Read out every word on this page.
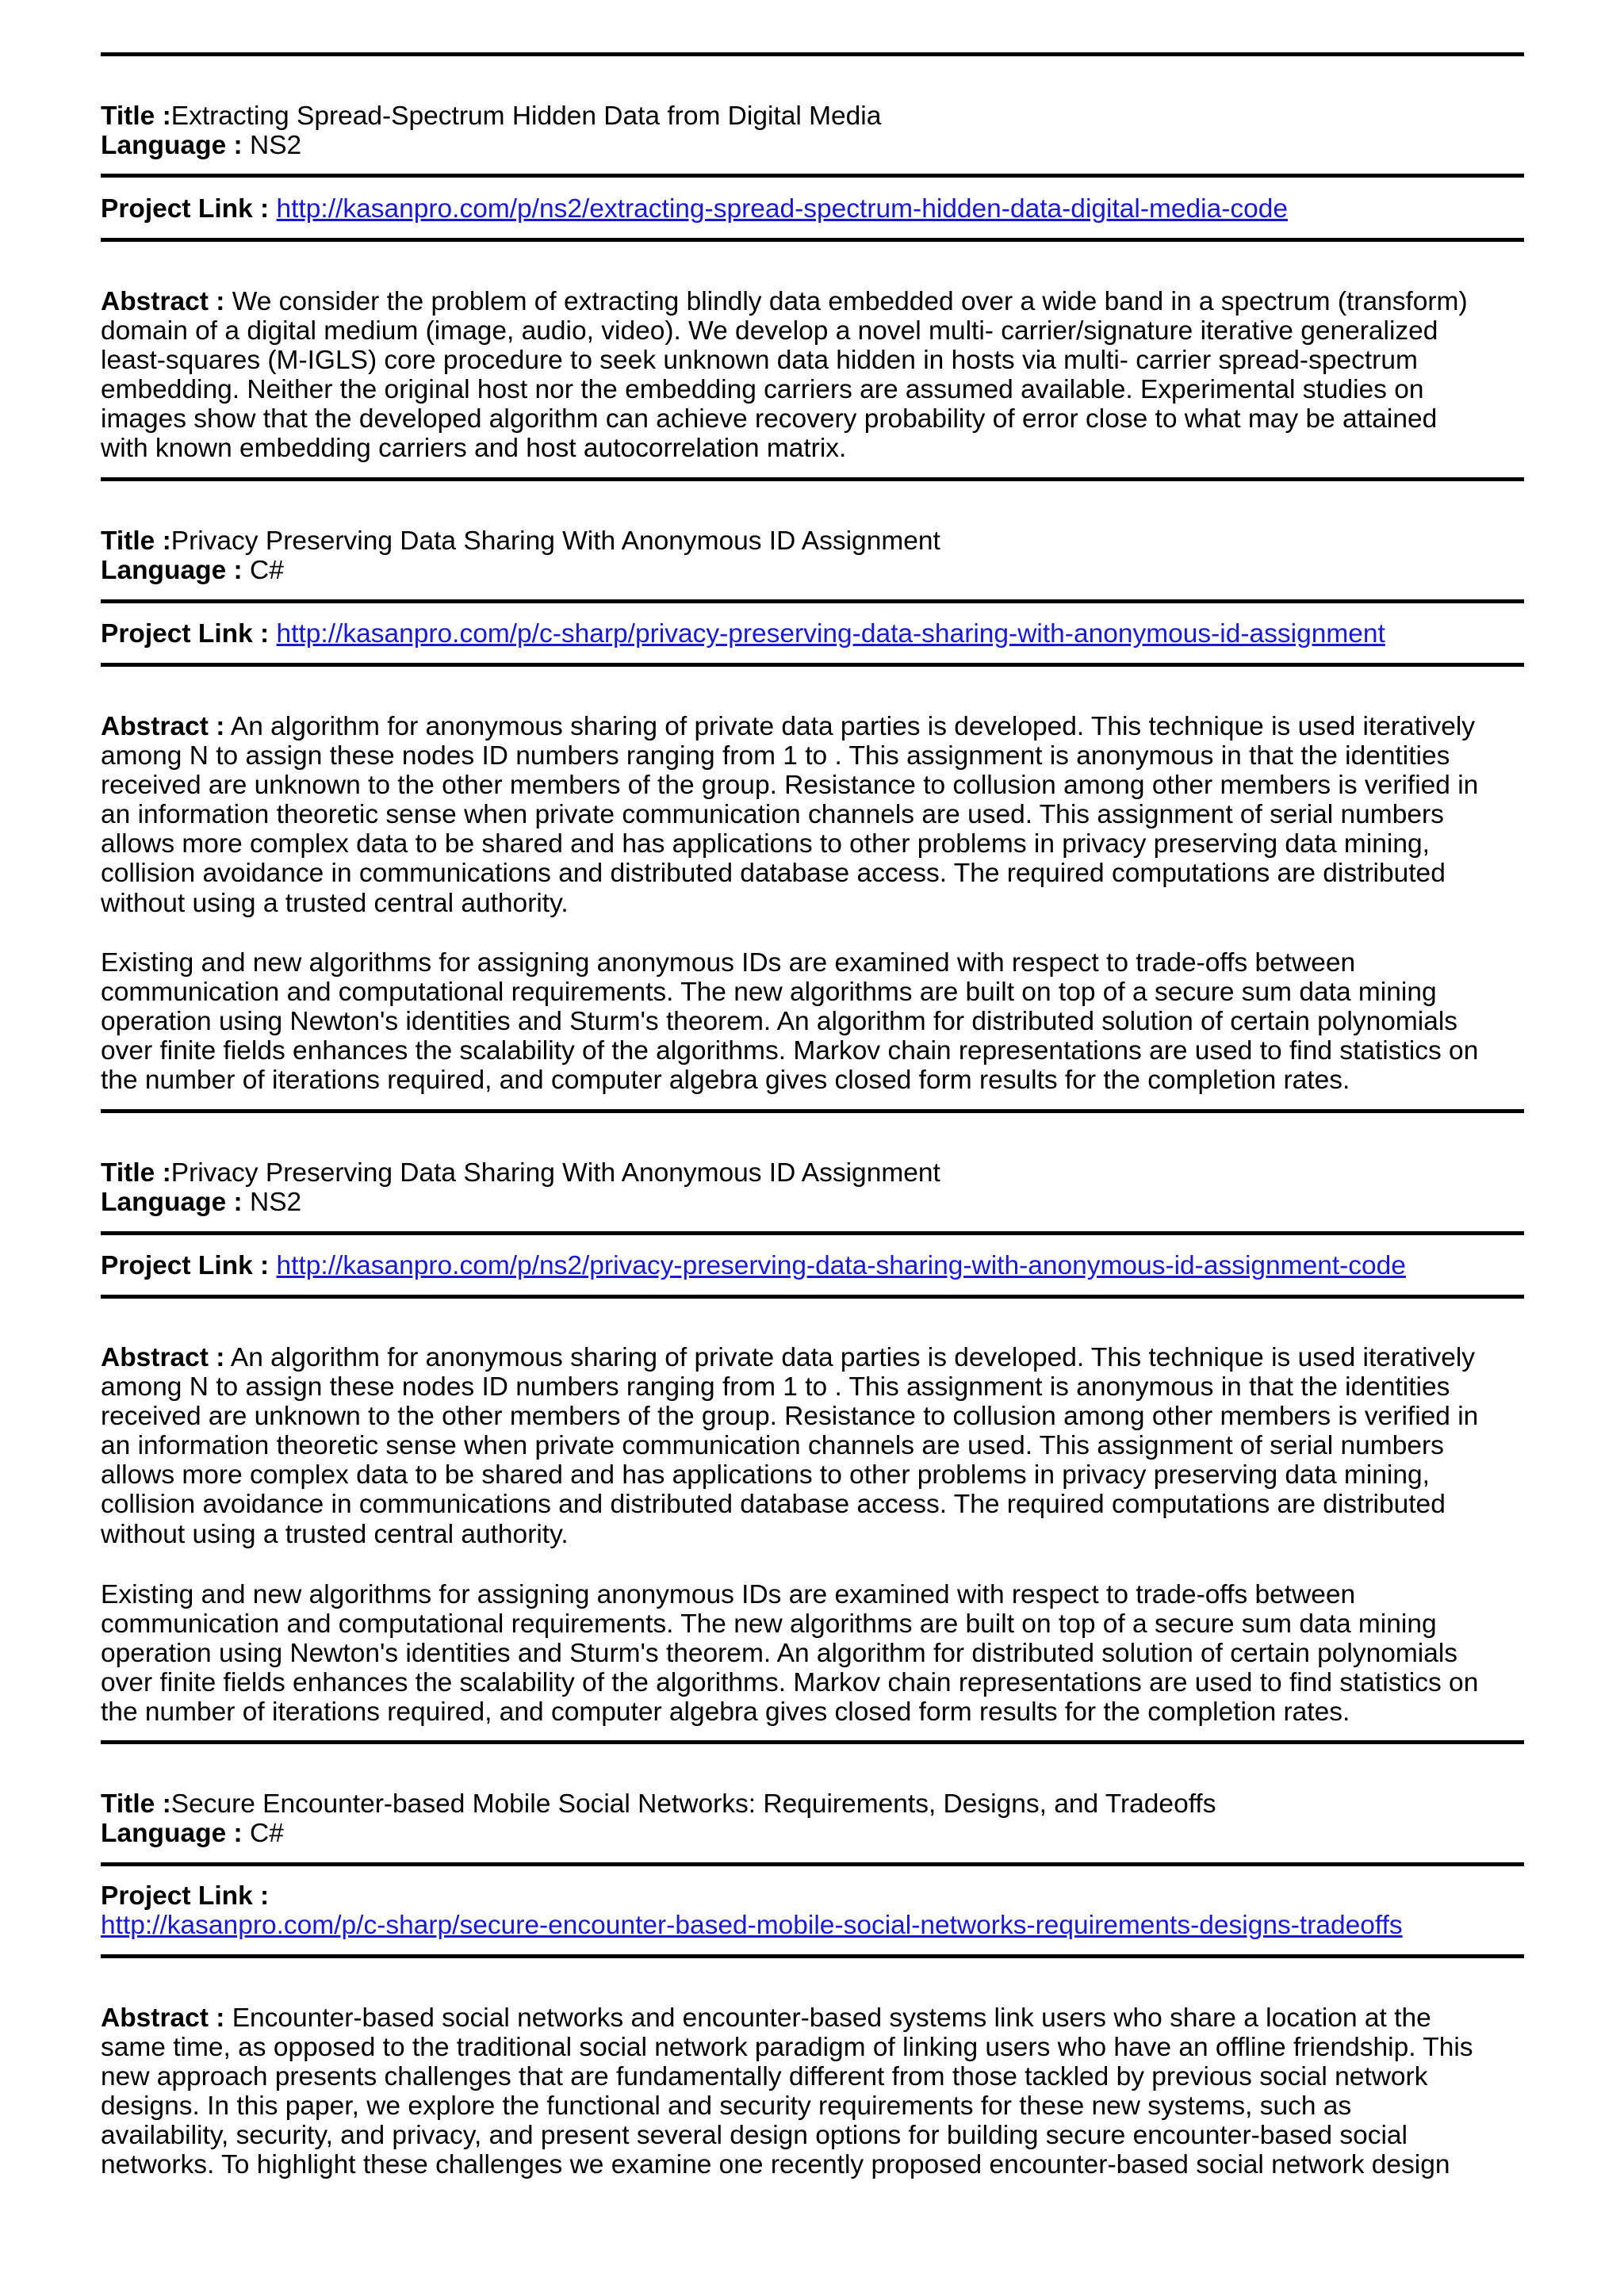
Title :Extracting Spread-Spectrum Hidden Data from Digital Media
Language : NS2
Project Link : http://kasanpro.com/p/ns2/extracting-spread-spectrum-hidden-data-digital-media-code
Abstract : We consider the problem of extracting blindly data embedded over a wide band in a spectrum (transform)
domain of a digital medium (image, audio, video). We develop a novel multi- carrier/signature iterative generalized
least-squares (M-IGLS) core procedure to seek unknown data hidden in hosts via multi- carrier spread-spectrum
embedding. Neither the original host nor the embedding carriers are assumed available. Experimental studies on
images show that the developed algorithm can achieve recovery probability of error close to what may be attained
with known embedding carriers and host autocorrelation matrix.
Title :Privacy Preserving Data Sharing With Anonymous ID Assignment
Language : C#
Project Link : http://kasanpro.com/p/c-sharp/privacy-preserving-data-sharing-with-anonymous-id-assignment
Abstract : An algorithm for anonymous sharing of private data parties is developed. This technique is used iteratively
among N to assign these nodes ID numbers ranging from 1 to . This assignment is anonymous in that the identities
received are unknown to the other members of the group. Resistance to collusion among other members is verified in
an information theoretic sense when private communication channels are used. This assignment of serial numbers
allows more complex data to be shared and has applications to other problems in privacy preserving data mining,
collision avoidance in communications and distributed database access. The required computations are distributed
without using a trusted central authority.
Existing and new algorithms for assigning anonymous IDs are examined with respect to trade-offs between
communication and computational requirements. The new algorithms are built on top of a secure sum data mining
operation using Newton's identities and Sturm's theorem. An algorithm for distributed solution of certain polynomials
over finite fields enhances the scalability of the algorithms. Markov chain representations are used to find statistics on
the number of iterations required, and computer algebra gives closed form results for the completion rates.
Title :Privacy Preserving Data Sharing With Anonymous ID Assignment
Language : NS2
Project Link : http://kasanpro.com/p/ns2/privacy-preserving-data-sharing-with-anonymous-id-assignment-code
Abstract : An algorithm for anonymous sharing of private data parties is developed. This technique is used iteratively
among N to assign these nodes ID numbers ranging from 1 to . This assignment is anonymous in that the identities
received are unknown to the other members of the group. Resistance to collusion among other members is verified in
an information theoretic sense when private communication channels are used. This assignment of serial numbers
allows more complex data to be shared and has applications to other problems in privacy preserving data mining,
collision avoidance in communications and distributed database access. The required computations are distributed
without using a trusted central authority.
Existing and new algorithms for assigning anonymous IDs are examined with respect to trade-offs between
communication and computational requirements. The new algorithms are built on top of a secure sum data mining
operation using Newton's identities and Sturm's theorem. An algorithm for distributed solution of certain polynomials
over finite fields enhances the scalability of the algorithms. Markov chain representations are used to find statistics on
the number of iterations required, and computer algebra gives closed form results for the completion rates.
Title :Secure Encounter-based Mobile Social Networks: Requirements, Designs, and Tradeoffs
Language : C#
Project Link :
http://kasanpro.com/p/c-sharp/secure-encounter-based-mobile-social-networks-requirements-designs-tradeoffs
Abstract : Encounter-based social networks and encounter-based systems link users who share a location at the
same time, as opposed to the traditional social network paradigm of linking users who have an offline friendship. This
new approach presents challenges that are fundamentally different from those tackled by previous social network
designs. In this paper, we explore the functional and security requirements for these new systems, such as
availability, security, and privacy, and present several design options for building secure encounter-based social
networks. To highlight these challenges we examine one recently proposed encounter-based social network design
